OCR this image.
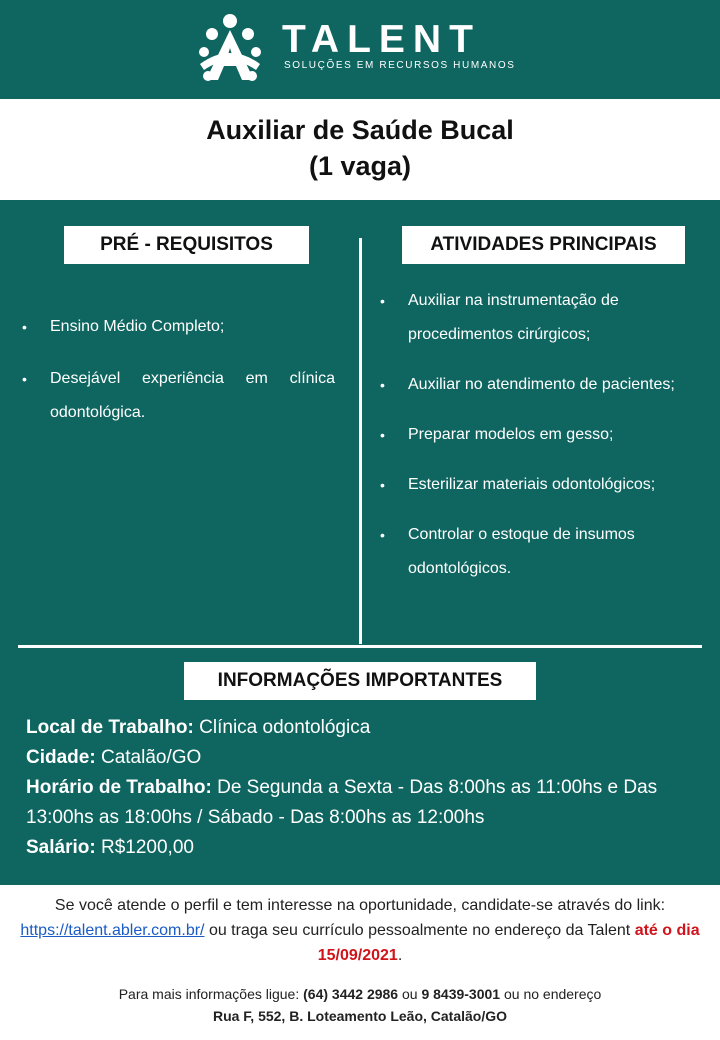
TALENT
SOLUÇÕES EM RECURSOS HUMANOS
Auxiliar de Saúde Bucal
(1 vaga)
PRÉ - REQUISITOS	ATIVIDADES PRINCIPAIS
• Ensino Médio Completo;
• Desejável experiência em clínica odontológica.
• Auxiliar na instrumentação de procedimentos cirúrgicos;
• Auxiliar no atendimento de pacientes;
• Preparar modelos em gesso;
• Esterilizar materiais odontológicos;
• Controlar o estoque de insumos odontológicos.
INFORMAÇÕES IMPORTANTES
Local de Trabalho: Clínica odontológica
Cidade: Catalão/GO
Horário de Trabalho: De Segunda a Sexta - Das 8:00hs as 11:00hs e Das 13:00hs as 18:00hs / Sábado - Das 8:00hs as 12:00hs
Salário: R$1200,00
Se você atende o perfil e tem interesse na oportunidade, candidate-se através do link: https://talent.abler.com.br/ ou traga seu currículo pessoalmente no endereço da Talent até o dia 15/09/2021.
Para mais informações ligue: (64) 3442 2986 ou 9 8439-3001 ou no endereço
Rua F, 552, B. Loteamento Leão, Catalão/GO
